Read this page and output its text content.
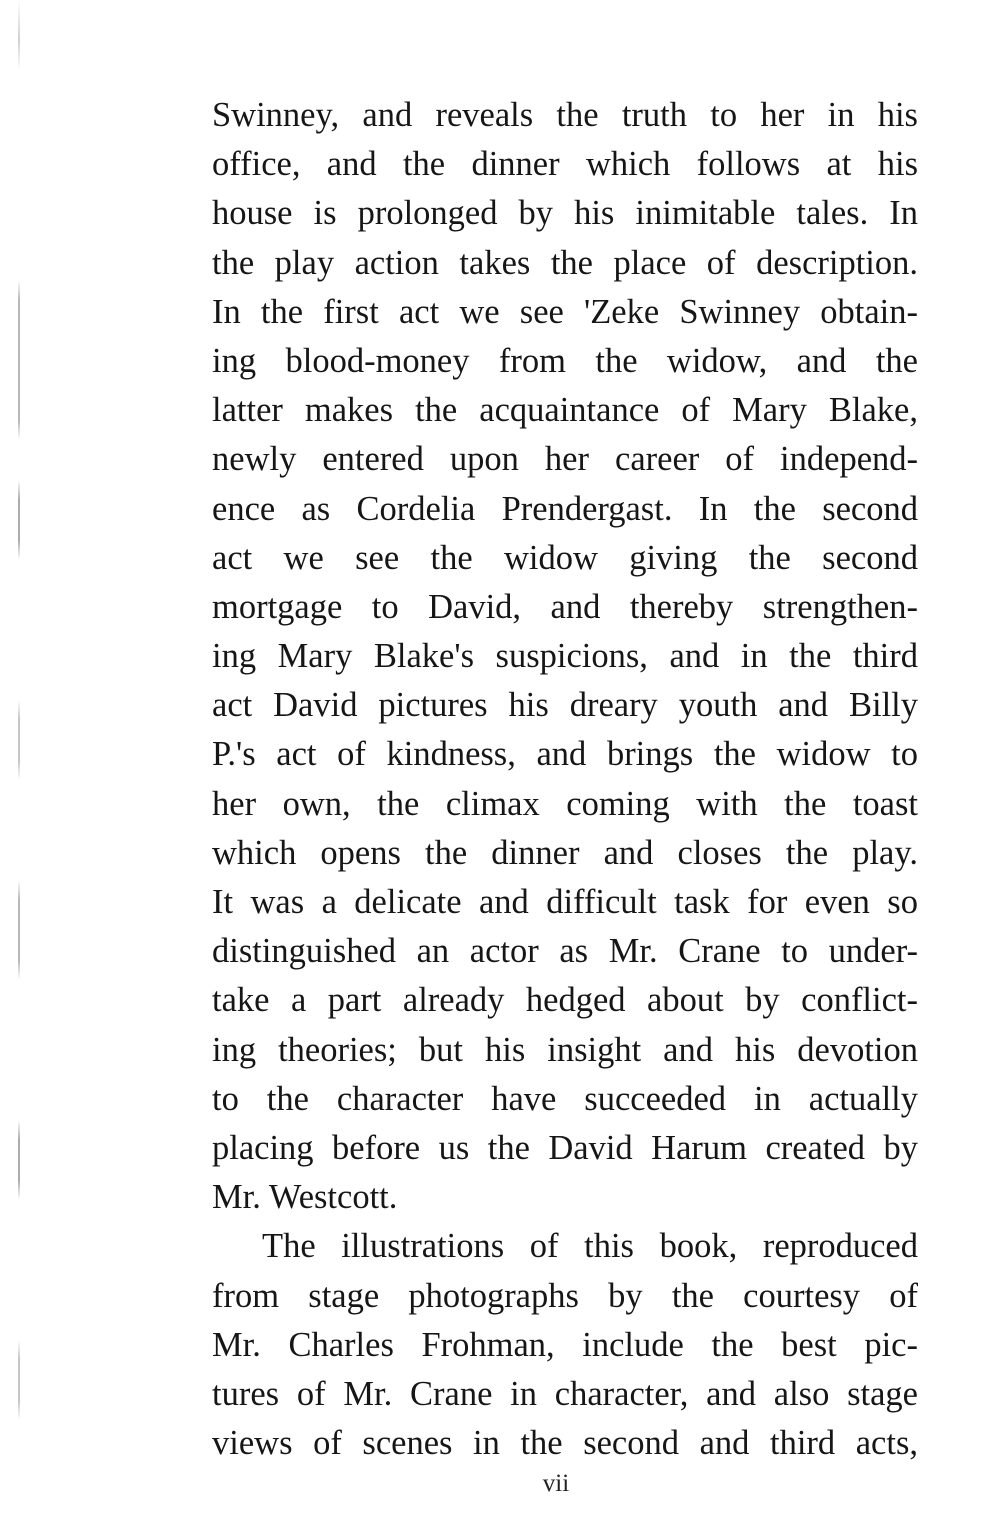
Swinney, and reveals the truth to her in his
office, and the dinner which follows at his
house is prolonged by his inimitable tales. In
the play action takes the place of description.
In the first act we see 'Zeke Swinney obtain-
ing blood-money from the widow, and the
latter makes the acquaintance of Mary Blake,
newly entered upon her career of independ-
ence as Cordelia Prendergast. In the second
act we see the widow giving the second
mortgage to David, and thereby strengthen-
ing Mary Blake's suspicions, and in the third
act David pictures his dreary youth and Billy
P.'s act of kindness, and brings the widow to
her own, the climax coming with the toast
which opens the dinner and closes the play.
It was a delicate and difficult task for even so
distinguished an actor as Mr. Crane to under-
take a part already hedged about by conflict-
ing theories; but his insight and his devotion
to the character have succeeded in actually
placing before us the David Harum created by
Mr. Westcott.
The illustrations of this book, reproduced
from stage photographs by the courtesy of
Mr. Charles Frohman, include the best pic-
tures of Mr. Crane in character, and also stage
views of scenes in the second and third acts,
vii
